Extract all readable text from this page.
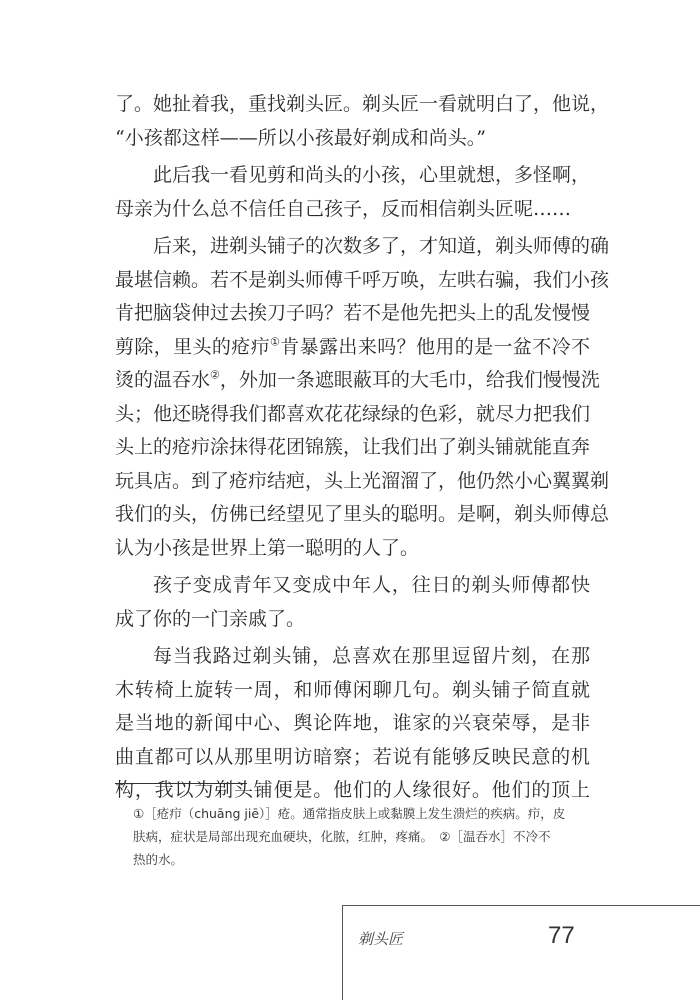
了。她扯着我，重找剃头匠。剃头匠一看就明白了，他说，
“小孩都这样——所以小孩最好剃成和尚头。”
此后我一看见剪和尚头的小孩，心里就想，多怪啊，
母亲为什么总不信任自己孩子，反而相信剃头匠呢……
后来，进剃头铺子的次数多了，才知道，剃头师傅的确
最堪信赖。若不是剃头师傅千呼万唤，左哄右骗，我们小孩
肯把脑袋伸过去挨刀子吗？若不是他先把头上的乱发慢慢
剪除，里头的疮疖①肯暴露出来吗？他用的是一盆不冷不
烫的温吞水②，外加一条遮眼蔽耳的大毛巾，给我们慢慢洗
头；他还晓得我们都喜欢花花绿绿的色彩，就尽力把我们
头上的疮疖涂抹得花团锦簇，让我们出了剃头铺就能直奔
玩具店。到了疮疖结疤，头上光溜溜了，他仍然小心翼翼剃
我们的头，仿佛已经望见了里头的聪明。是啊，剃头师傅总
认为小孩是世界上第一聪明的人了。
孩子变成青年又变成中年人，往日的剃头师傅都快
成了你的一门亲戚了。
每当我路过剃头铺，总喜欢在那里逗留片刻，在那
木转椅上旋转一周，和师傅闲聊几句。剃头铺子简直就
是当地的新闻中心、舆论阵地，谁家的兴衰荣辱，是非
曲直都可以从那里明访暗察；若说有能够反映民意的机
构，我以为剃头铺便是。他们的人缘很好。他们的顶上
①［疮疖（chuāng jiē）］疮。通常指皮肤上或黏膜上发生溃烂的疾病。疖，皮
肤病，症状是局部出现充血硬块，化脓，红肿，疼痛。　②［温吞水］不冷不
热的水。
剃头匠	77
